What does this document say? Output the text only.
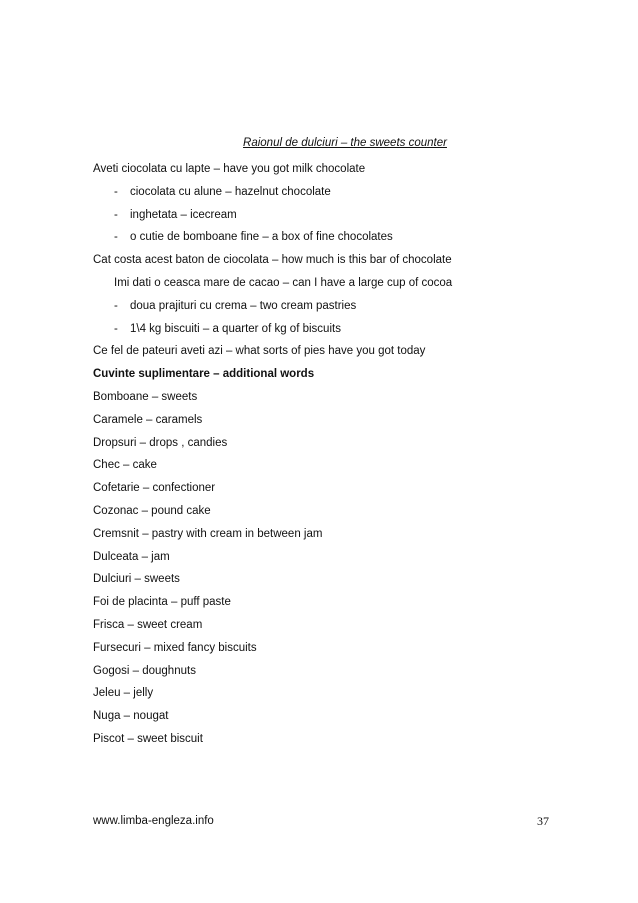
Raionul de dulciuri – the sweets counter
Aveti ciocolata cu lapte – have you got milk chocolate
- ciocolata cu alune – hazelnut chocolate
- inghetata – icecream
- o cutie de bomboane fine – a box of fine chocolates
Cat costa acest baton de ciocolata – how much is this bar of chocolate
Imi dati o ceasca mare de cacao – can I have a large cup of cocoa
- doua prajituri cu crema – two cream pastries
- 1\4 kg biscuiti – a quarter of kg of biscuits
Ce fel de pateuri aveti azi – what sorts of pies have you got today
Cuvinte suplimentare – additional words
Bomboane – sweets
Caramele – caramels
Dropsuri – drops , candies
Chec – cake
Cofetarie – confectioner
Cozonac – pound cake
Cremsnit – pastry with cream in between jam
Dulceata – jam
Dulciuri – sweets
Foi de placinta – puff paste
Frisca – sweet cream
Fursecuri – mixed fancy biscuits
Gogosi – doughnuts
Jeleu – jelly
Nuga – nougat
Piscot – sweet biscuit
www.limba-engleza.info	37
